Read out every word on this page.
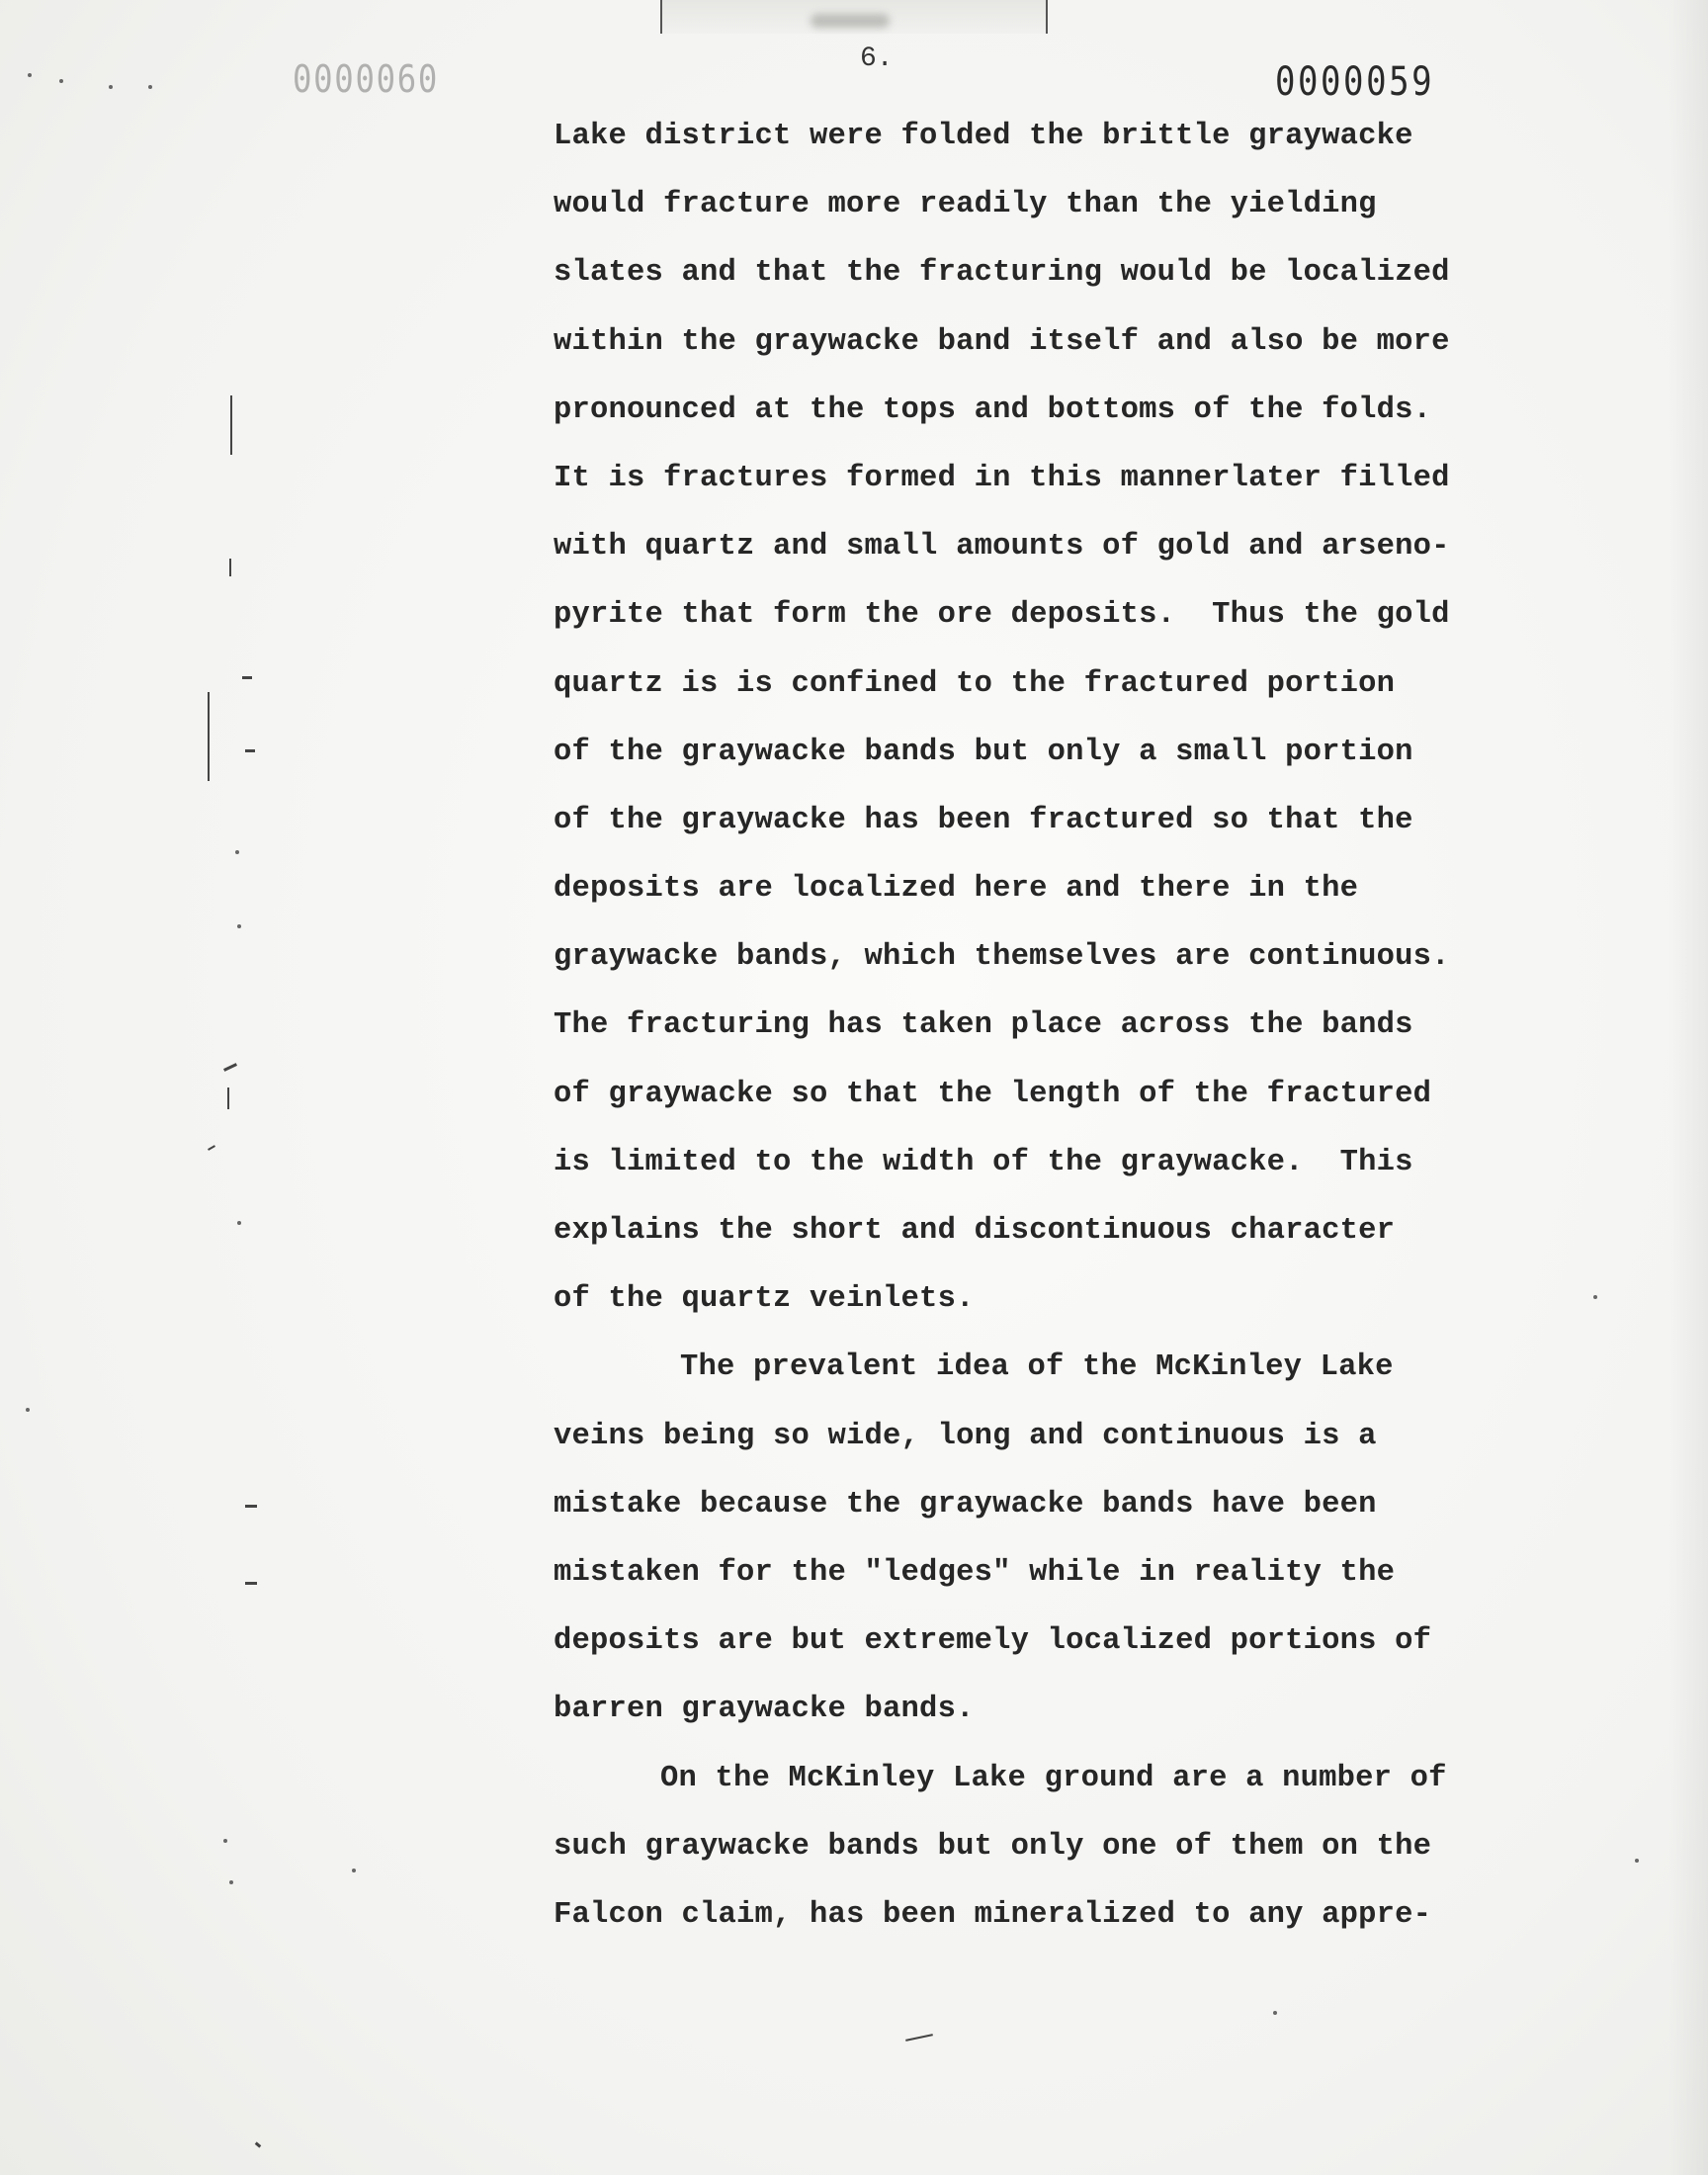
0000060	6.
0000059
Lake district were folded the brittle graywacke
would fracture more readily than the yielding
slates and that the fracturing would be localized
within the graywacke band itself and also be more
pronounced at the tops and bottoms of the folds.
It is fractures formed in this mannerlater filled
with quartz and small amounts of gold and arseno-
pyrite that form the ore deposits.  Thus the gold
quartz is is confined to the fractured portion
of the graywacke bands but only a small portion
of the graywacke has been fractured so that the
deposits are localized here and there in the
graywacke bands, which themselves are continuous.
The fracturing has taken place across the bands
of graywacke so that the length of the fractured
is limited to the width of the graywacke.  This
explains the short and discontinuous character
of the quartz veinlets.
The prevalent idea of the McKinley Lake
veins being so wide, long and continuous is a
mistake because the graywacke bands have been
mistaken for the "ledges" while in reality the
deposits are but extremely localized portions of
barren graywacke bands.
On the McKinley Lake ground are a number of
such graywacke bands but only one of them on the
Falcon claim, has been mineralized to any appre-
